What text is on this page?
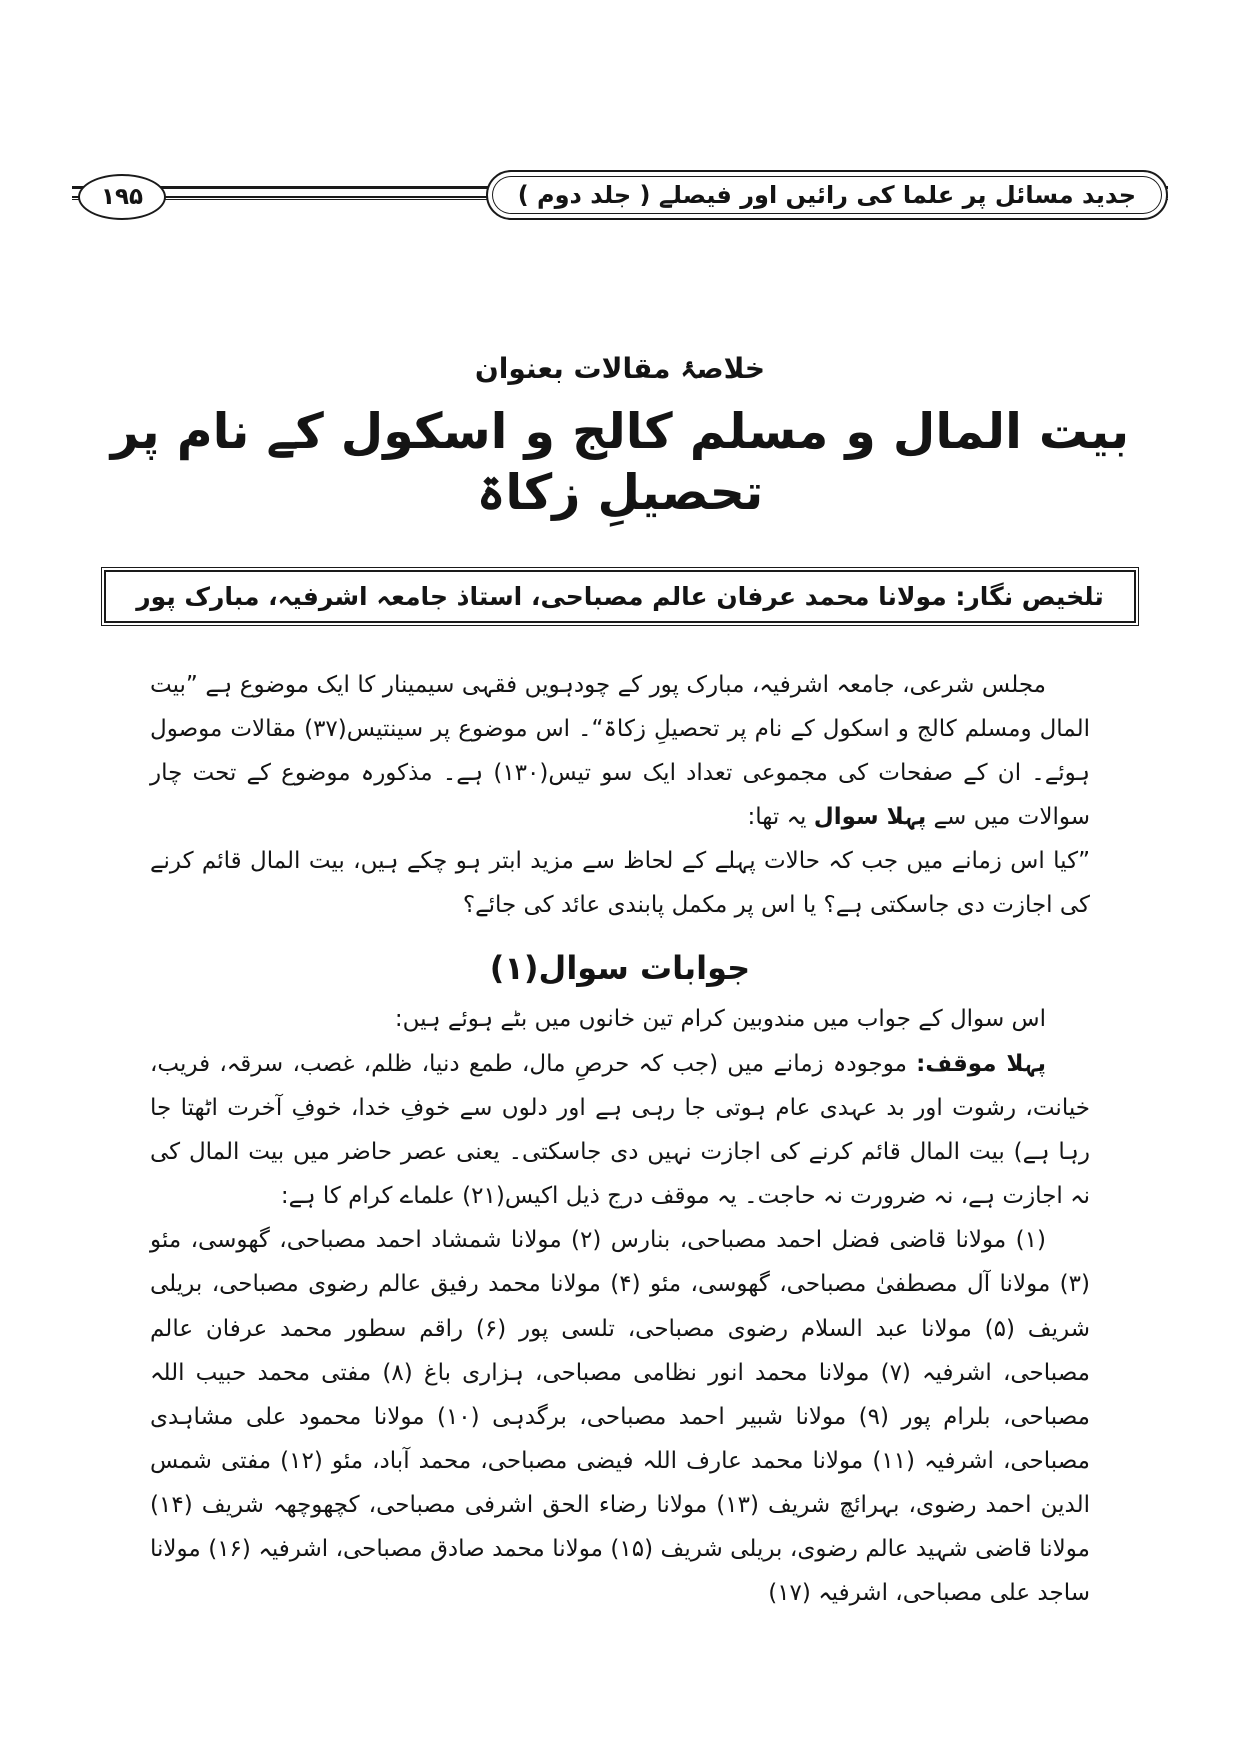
۱۹۵	جدید مسائل پر علما کی رائیں اور فیصلے ( جلد دوم )
خلاصۂ مقالات بعنوان
بیت المال و مسلم کالج و اسکول کے نام پر تحصیلِ زکاۃ
تلخیص نگار: مولانا محمد عرفان عالم مصباحی، استاذ جامعہ اشرفیہ، مبارک پور

مجلس شرعی، جامعہ اشرفیہ، مبارک پور کے چودہویں فقہی سیمینار کا ایک موضوع ہے ”بیت المال ومسلم کالج و اسکول کے نام پر تحصیلِ زکاۃ“۔ اس موضوع پر سینتیس(۳۷) مقالات موصول ہوئے۔ ان کے صفحات کی مجموعی تعداد ایک سو تیس(۱۳۰) ہے۔ مذکورہ موضوع کے تحت چار سوالات میں سے پہلا سوال یہ تھا:

”کیا اس زمانے میں جب کہ حالات پہلے کے لحاظ سے مزید ابتر ہو چکے ہیں، بیت المال قائم کرنے کی اجازت دی جاسکتی ہے؟ یا اس پر مکمل پابندی عائد کی جائے؟

جوابات سوال(۱)

اس سوال کے جواب میں مندوبین کرام تین خانوں میں بٹے ہوئے ہیں:

پہلا موقف: موجودہ زمانے میں (جب کہ حرصِ مال، طمع دنیا، ظلم، غصب، سرقہ، فریب، خیانت، رشوت اور بد عہدی عام ہوتی جا رہی ہے اور دلوں سے خوفِ خدا، خوفِ آخرت اٹھتا جا رہا ہے) بیت المال قائم کرنے کی اجازت نہیں دی جاسکتی۔ یعنی عصر حاضر میں بیت المال کی نہ اجازت ہے، نہ ضرورت نہ حاجت۔ یہ موقف درج ذیل اکیس(۲۱) علماے کرام کا ہے:

(۱) مولانا قاضی فضل احمد مصباحی، بنارس (۲) مولانا شمشاد احمد مصباحی، گھوسی، مئو (۳) مولانا آل مصطفیٰ مصباحی، گھوسی، مئو (۴) مولانا محمد رفیق عالم رضوی مصباحی، بریلی شریف (۵) مولانا عبد السلام رضوی مصباحی، تلسی پور (۶) راقم سطور محمد عرفان عالم مصباحی، اشرفیہ (۷) مولانا محمد انور نظامی مصباحی، ہزاری باغ (۸) مفتی محمد حبیب اللہ مصباحی، بلرام پور (۹) مولانا شبیر احمد مصباحی، برگدہی (۱۰) مولانا محمود علی مشاہدی مصباحی، اشرفیہ (۱۱) مولانا محمد عارف اللہ فیضی مصباحی، محمد آباد، مئو (۱۲) مفتی شمس الدین احمد رضوی، بہرائچ شریف (۱۳) مولانا رضاء الحق اشرفی مصباحی، کچھوچھہ شریف (۱۴) مولانا قاضی شہید عالم رضوی، بریلی شریف (۱۵) مولانا محمد صادق مصباحی، اشرفیہ (۱۶) مولانا ساجد علی مصباحی، اشرفیہ (۱۷)
